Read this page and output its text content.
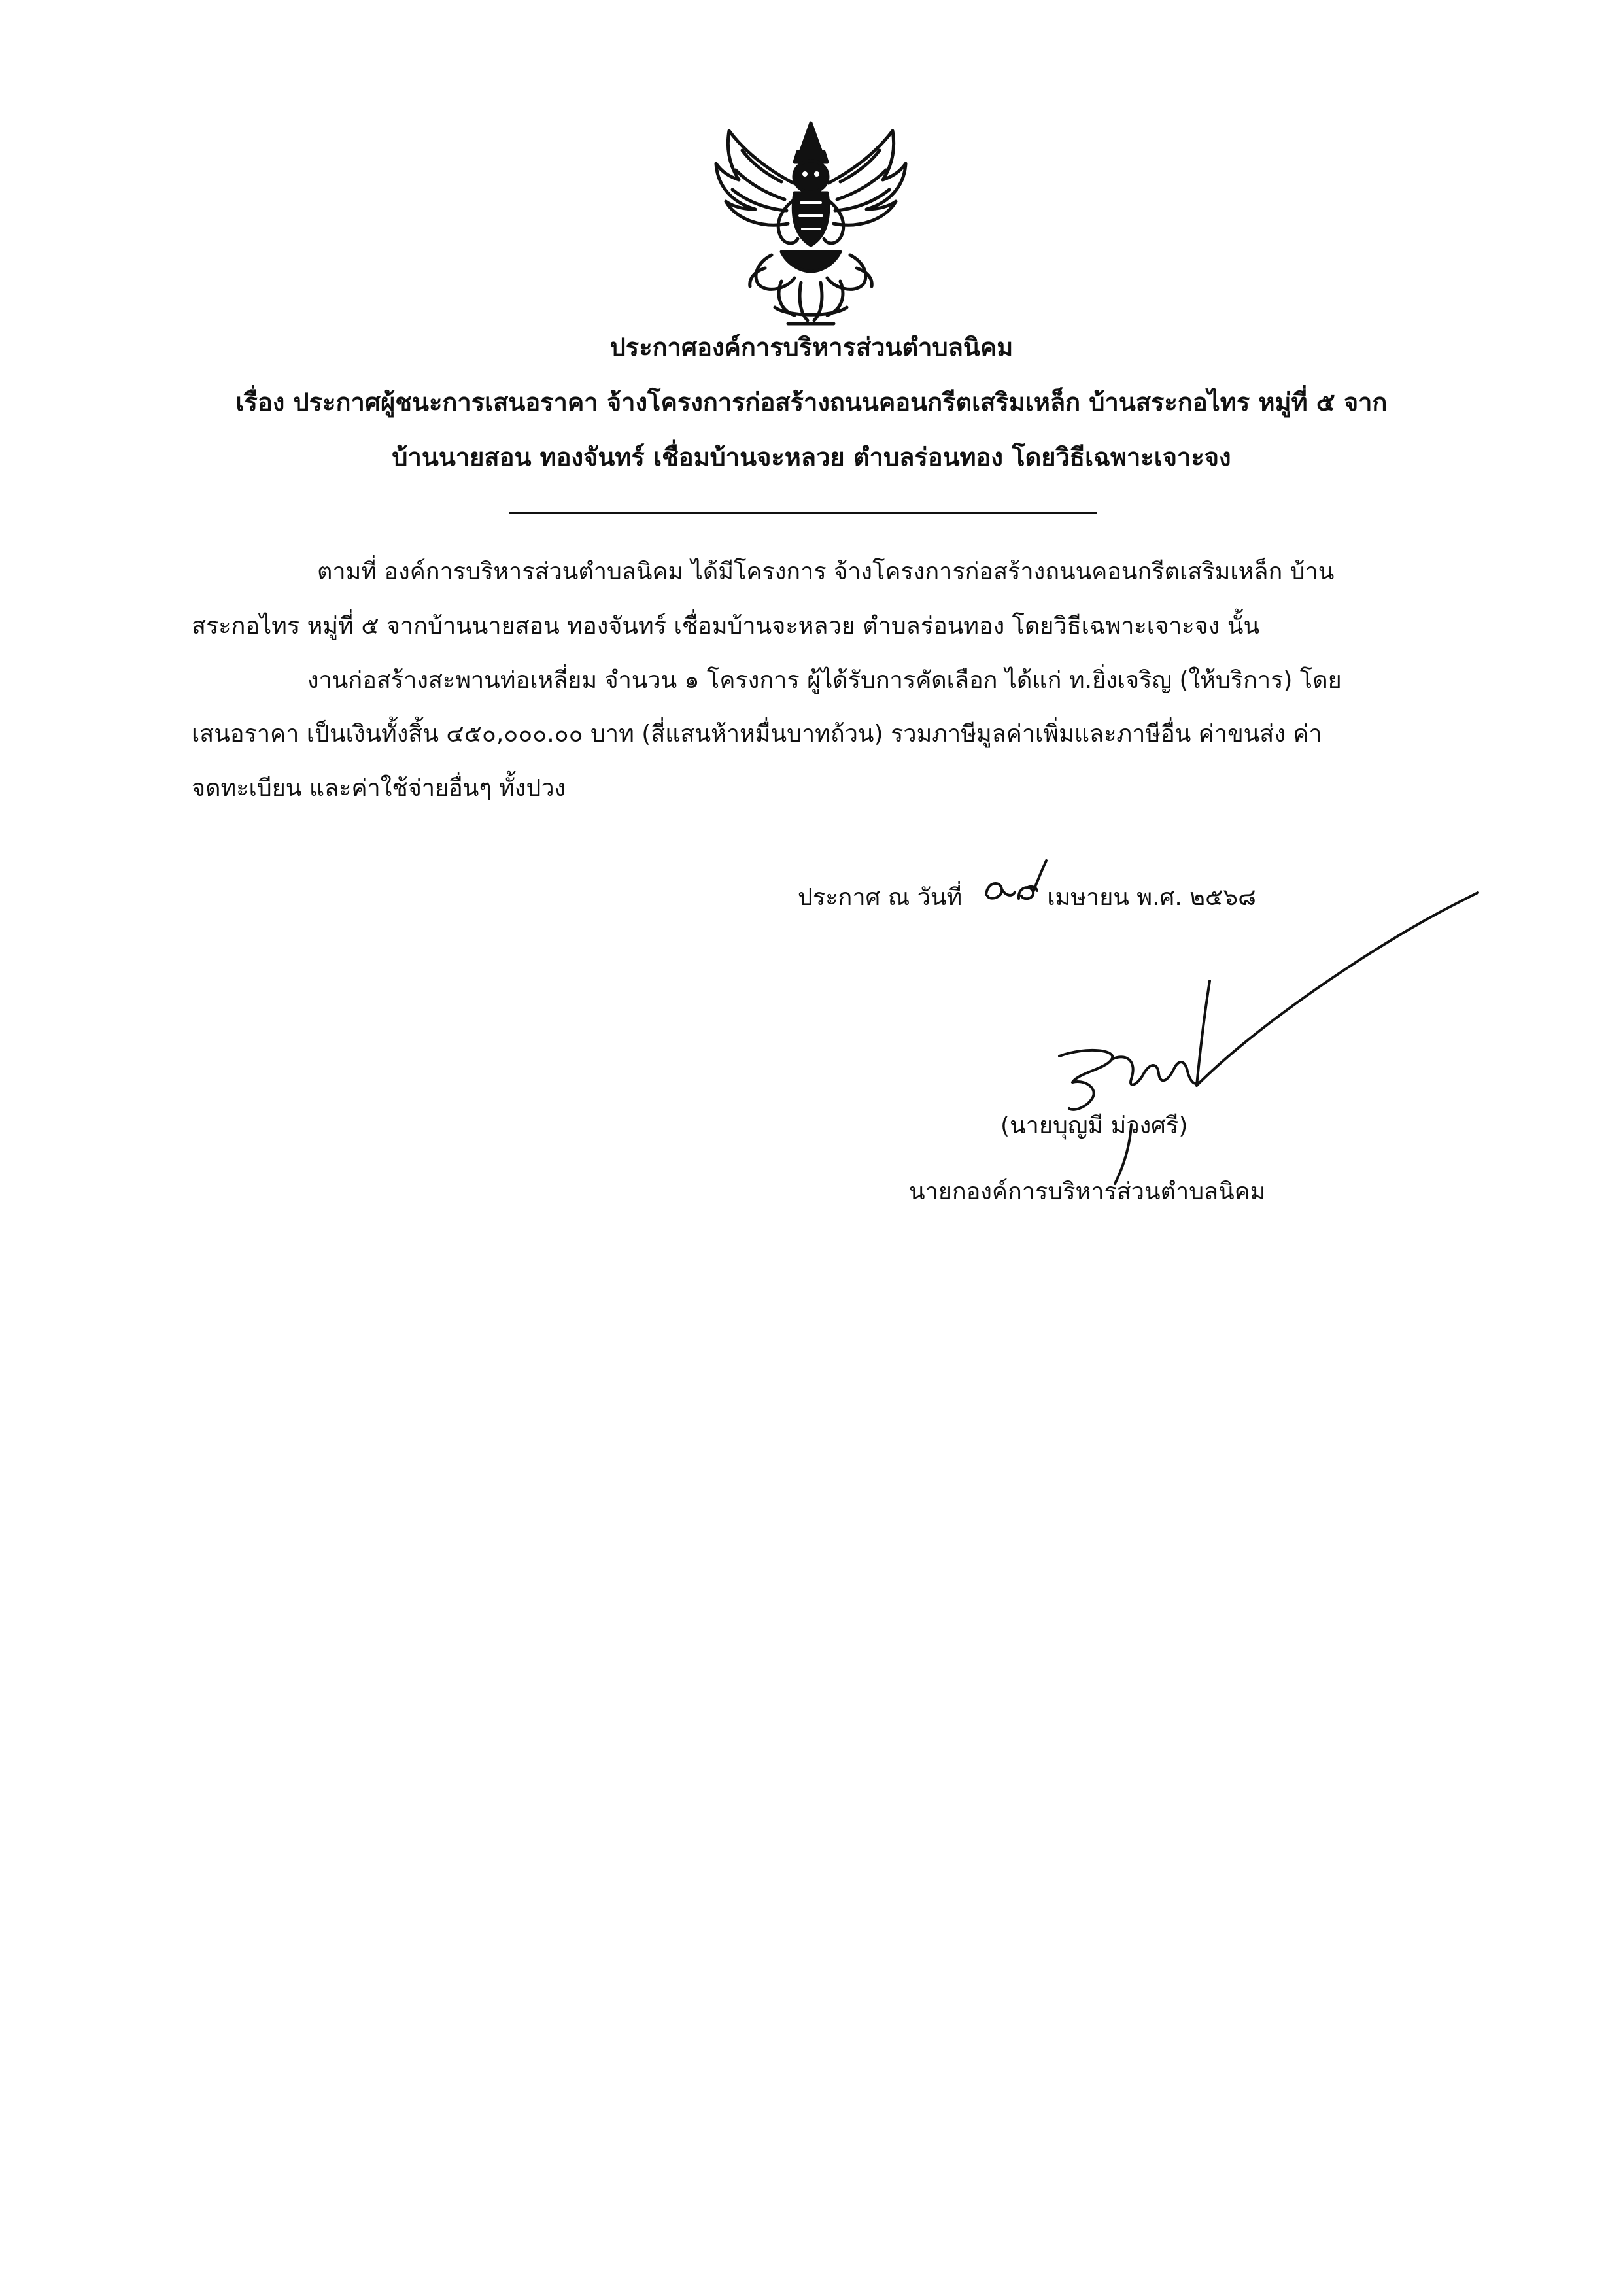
ประกาศองค์การบริหารส่วนตำบลนิคม
เรื่อง ประกาศผู้ชนะการเสนอราคา จ้างโครงการก่อสร้างถนนคอนกรีตเสริมเหล็ก บ้านสระกอไทร หมู่ที่ ๕ จาก
บ้านนายสอน ทองจันทร์ เชื่อมบ้านจะหลวย ตำบลร่อนทอง โดยวิธีเฉพาะเจาะจง
ตามที่ องค์การบริหารส่วนตำบลนิคม ได้มีโครงการ จ้างโครงการก่อสร้างถนนคอนกรีตเสริมเหล็ก บ้าน
สระกอไทร หมู่ที่ ๕ จากบ้านนายสอน ทองจันทร์ เชื่อมบ้านจะหลวย ตำบลร่อนทอง โดยวิธีเฉพาะเจาะจง นั้น
งานก่อสร้างสะพานท่อเหลี่ยม จำนวน ๑ โครงการ ผู้ได้รับการคัดเลือก ได้แก่ ท.ยิ่งเจริญ (ให้บริการ) โดย
เสนอราคา เป็นเงินทั้งสิ้น ๔๕๐,๐๐๐.๐๐ บาท (สี่แสนห้าหมื่นบาทถ้วน) รวมภาษีมูลค่าเพิ่มและภาษีอื่น ค่าขนส่ง ค่า
จดทะเบียน และค่าใช้จ่ายอื่นๆ ทั้งปวง
ประกาศ ณ วันที่	เมษายน พ.ศ. ๒๕๖๘
(นายบุญมี ม่วงศรี)
นายกองค์การบริหารส่วนตำบลนิคม
